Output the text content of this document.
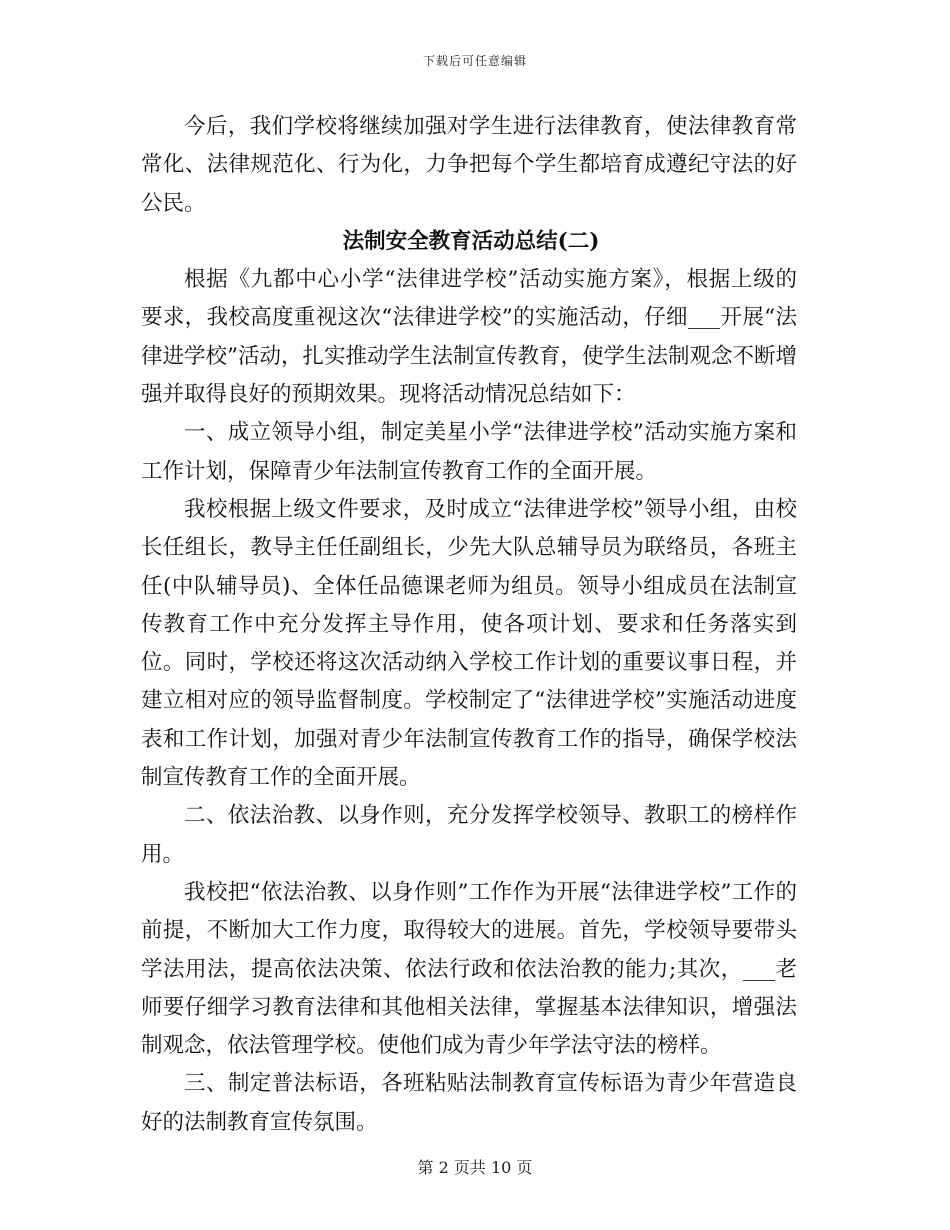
下载后可任意编辑

今后，我们学校将继续加强对学生进行法律教育，使法律教育常常化、法律规范化、行为化，力争把每个学生都培育成遵纪守法的好公民。

法制安全教育活动总结(二)

根据《九都中心小学“法律进学校”活动实施方案》，根据上级的要求，我校高度重视这次“法律进学校”的实施活动，仔细___开展“法律进学校”活动，扎实推动学生法制宣传教育，使学生法制观念不断增强并取得良好的预期效果。现将活动情况总结如下：

一、成立领导小组，制定美星小学“法律进学校”活动实施方案和工作计划，保障青少年法制宣传教育工作的全面开展。

我校根据上级文件要求，及时成立“法律进学校”领导小组，由校长任组长，教导主任任副组长，少先大队总辅导员为联络员，各班主任(中队辅导员)、全体任品德课老师为组员。领导小组成员在法制宣传教育工作中充分发挥主导作用，使各项计划、要求和任务落实到位。同时，学校还将这次活动纳入学校工作计划的重要议事日程，并建立相对应的领导监督制度。学校制定了“法律进学校”实施活动进度表和工作计划，加强对青少年法制宣传教育工作的指导，确保学校法制宣传教育工作的全面开展。

二、依法治教、以身作则，充分发挥学校领导、教职工的榜样作用。

我校把“依法治教、以身作则”工作作为开展“法律进学校”工作的前提，不断加大工作力度，取得较大的进展。首先，学校领导要带头学法用法，提高依法决策、依法行政和依法治教的能力;其次，___老师要仔细学习教育法律和其他相关法律，掌握基本法律知识，增强法制观念，依法管理学校。使他们成为青少年学法守法的榜样。

三、制定普法标语，各班粘贴法制教育宣传标语为青少年营造良好的法制教育宣传氛围。

第 2 页共 10 页
